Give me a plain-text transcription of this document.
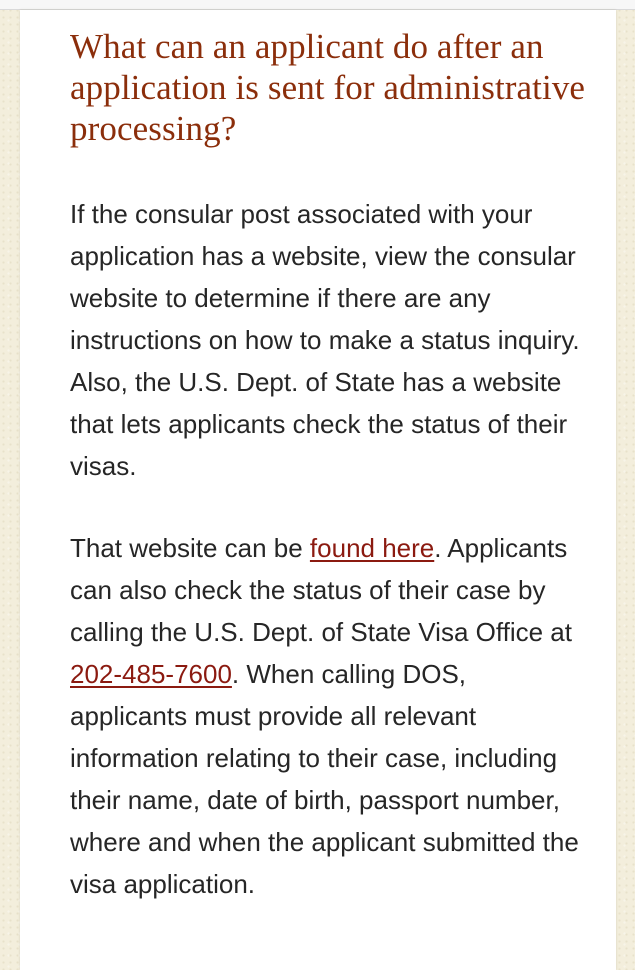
What can an applicant do after an application is sent for administrative processing?

If the consular post associated with your application has a website, view the consular website to determine if there are any instructions on how to make a status inquiry. Also, the U.S. Dept. of State has a website that lets applicants check the status of their visas.

That website can be found here. Applicants can also check the status of their case by calling the U.S. Dept. of State Visa Office at 202-485-7600. When calling DOS, applicants must provide all relevant information relating to their case, including their name, date of birth, passport number, where and when the applicant submitted the visa application.
